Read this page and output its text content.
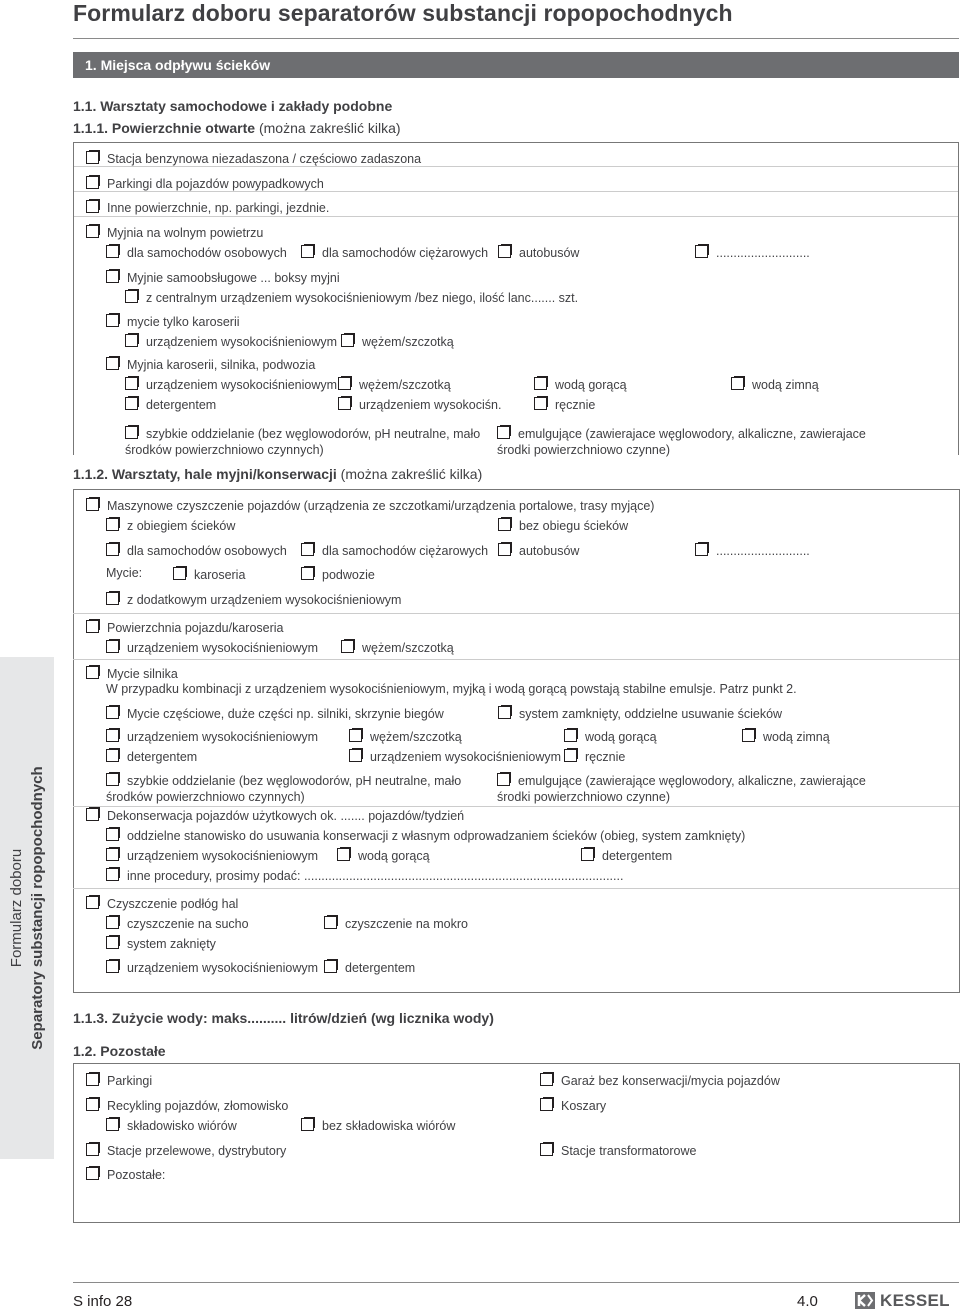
Formularz doboru separatorów substancji ropopochodnych
1. Miejsca odpływu ścieków
1.1. Warsztaty samochodowe i zakłady podobne
1.1.1. Powierzchnie otwarte (można zakreślić kilka)
Stacja benzynowa niezadaszona / częściowo zadaszona
Parkingi dla pojazdów powypadkowych
Inne powierzchnie, np. parkingi, jezdnie.
Myjnia na wolnym powietrzu
dla samochodów osobowych	dla samochodów ciężarowych	autobusów	...........................
Myjnie samoobsługowe ... boksy myjni
z centralnym urządzeniem wysokociśnieniowym /bez niego, ilość lanc....... szt.
mycie tylko karoserii
urządzeniem wysokociśnieniowym	wężem/szczotką
Myjnia karoserii, silnika, podwozia
urządzeniem wysokociśnieniowym	wężem/szczotką	wodą gorącą	wodą zimną
detergentem	urządzeniem wysokociśn.	ręcznie
szybkie oddzielanie (bez węglowodorów, pH neutralne, mało środków powierzchniowo czynnych)
emulgujące (zawierajace węglowodory, alkaliczne, zawierajace środki powierzchniowo czynne)
1.1.2. Warsztaty, hale myjni/konserwacji (można zakreślić kilka)
Maszynowe czyszczenie pojazdów (urządzenia ze szczotkami/urządzenia portalowe, trasy myjące)
z obiegiem ścieków	bez obiegu ścieków
dla samochodów osobowych	dla samochodów ciężarowych	autobusów	...........................
Mycie:	karoseria	podwozie
z dodatkowym urządzeniem wysokociśnieniowym
Powierzchnia pojazdu/karoseria
urządzeniem wysokociśnieniowym	wężem/szczotką
Mycie silnika
W przypadku kombinacji z urządzeniem wysokociśnieniowym, myjką i wodą gorącą powstają stabilne emulsje. Patrz punkt 2.
Mycie częściowe, duże części np. silniki, skrzynie biegów	system zamknięty, oddzielne usuwanie ścieków
urządzeniem wysokociśnieniowym	wężem/szczotką	wodą gorącą	wodą zimną
detergentem	urządzeniem wysokociśnieniowym	ręcznie
szybkie oddzielanie (bez węglowodorów, pH neutralne, mało środków powierzchniowo czynnych)
emulgujące (zawierające węglowodory, alkaliczne, zawierające środki powierzchniowo czynne)
Dekonserwacja pojazdów użytkowych ok. ....... pojazdów/tydzień
oddzielne stanowisko do usuwania konserwacji z własnym odprowadzaniem ścieków (obieg, system zamknięty)
urządzeniem wysokociśnieniowym	wodą gorącą	detergentem
inne procedury, prosimy podać: ............................................................................................
Czyszczenie podłóg hal
czyszczenie na sucho	czyszczenie na mokro
system zakniętу
urządzeniem wysokociśnieniowym	detergentem
1.1.3. Zużycie wody: maks.......... litrów/dzień (wg licznika wody)
1.2. Pozostałe
Parkingi	Garaż bez konserwacji/mycia pojazdów
Recykling pojazdów, złomowisko	Koszary
składowisko wiórów	bez składowiska wiórów
Stacje przelewowe, dystrybutory	Stacje transformatorowe
Pozostałe:
Formularz doboru Separatory substancji ropopochodnych
S info 28	4.0	KESSEL
